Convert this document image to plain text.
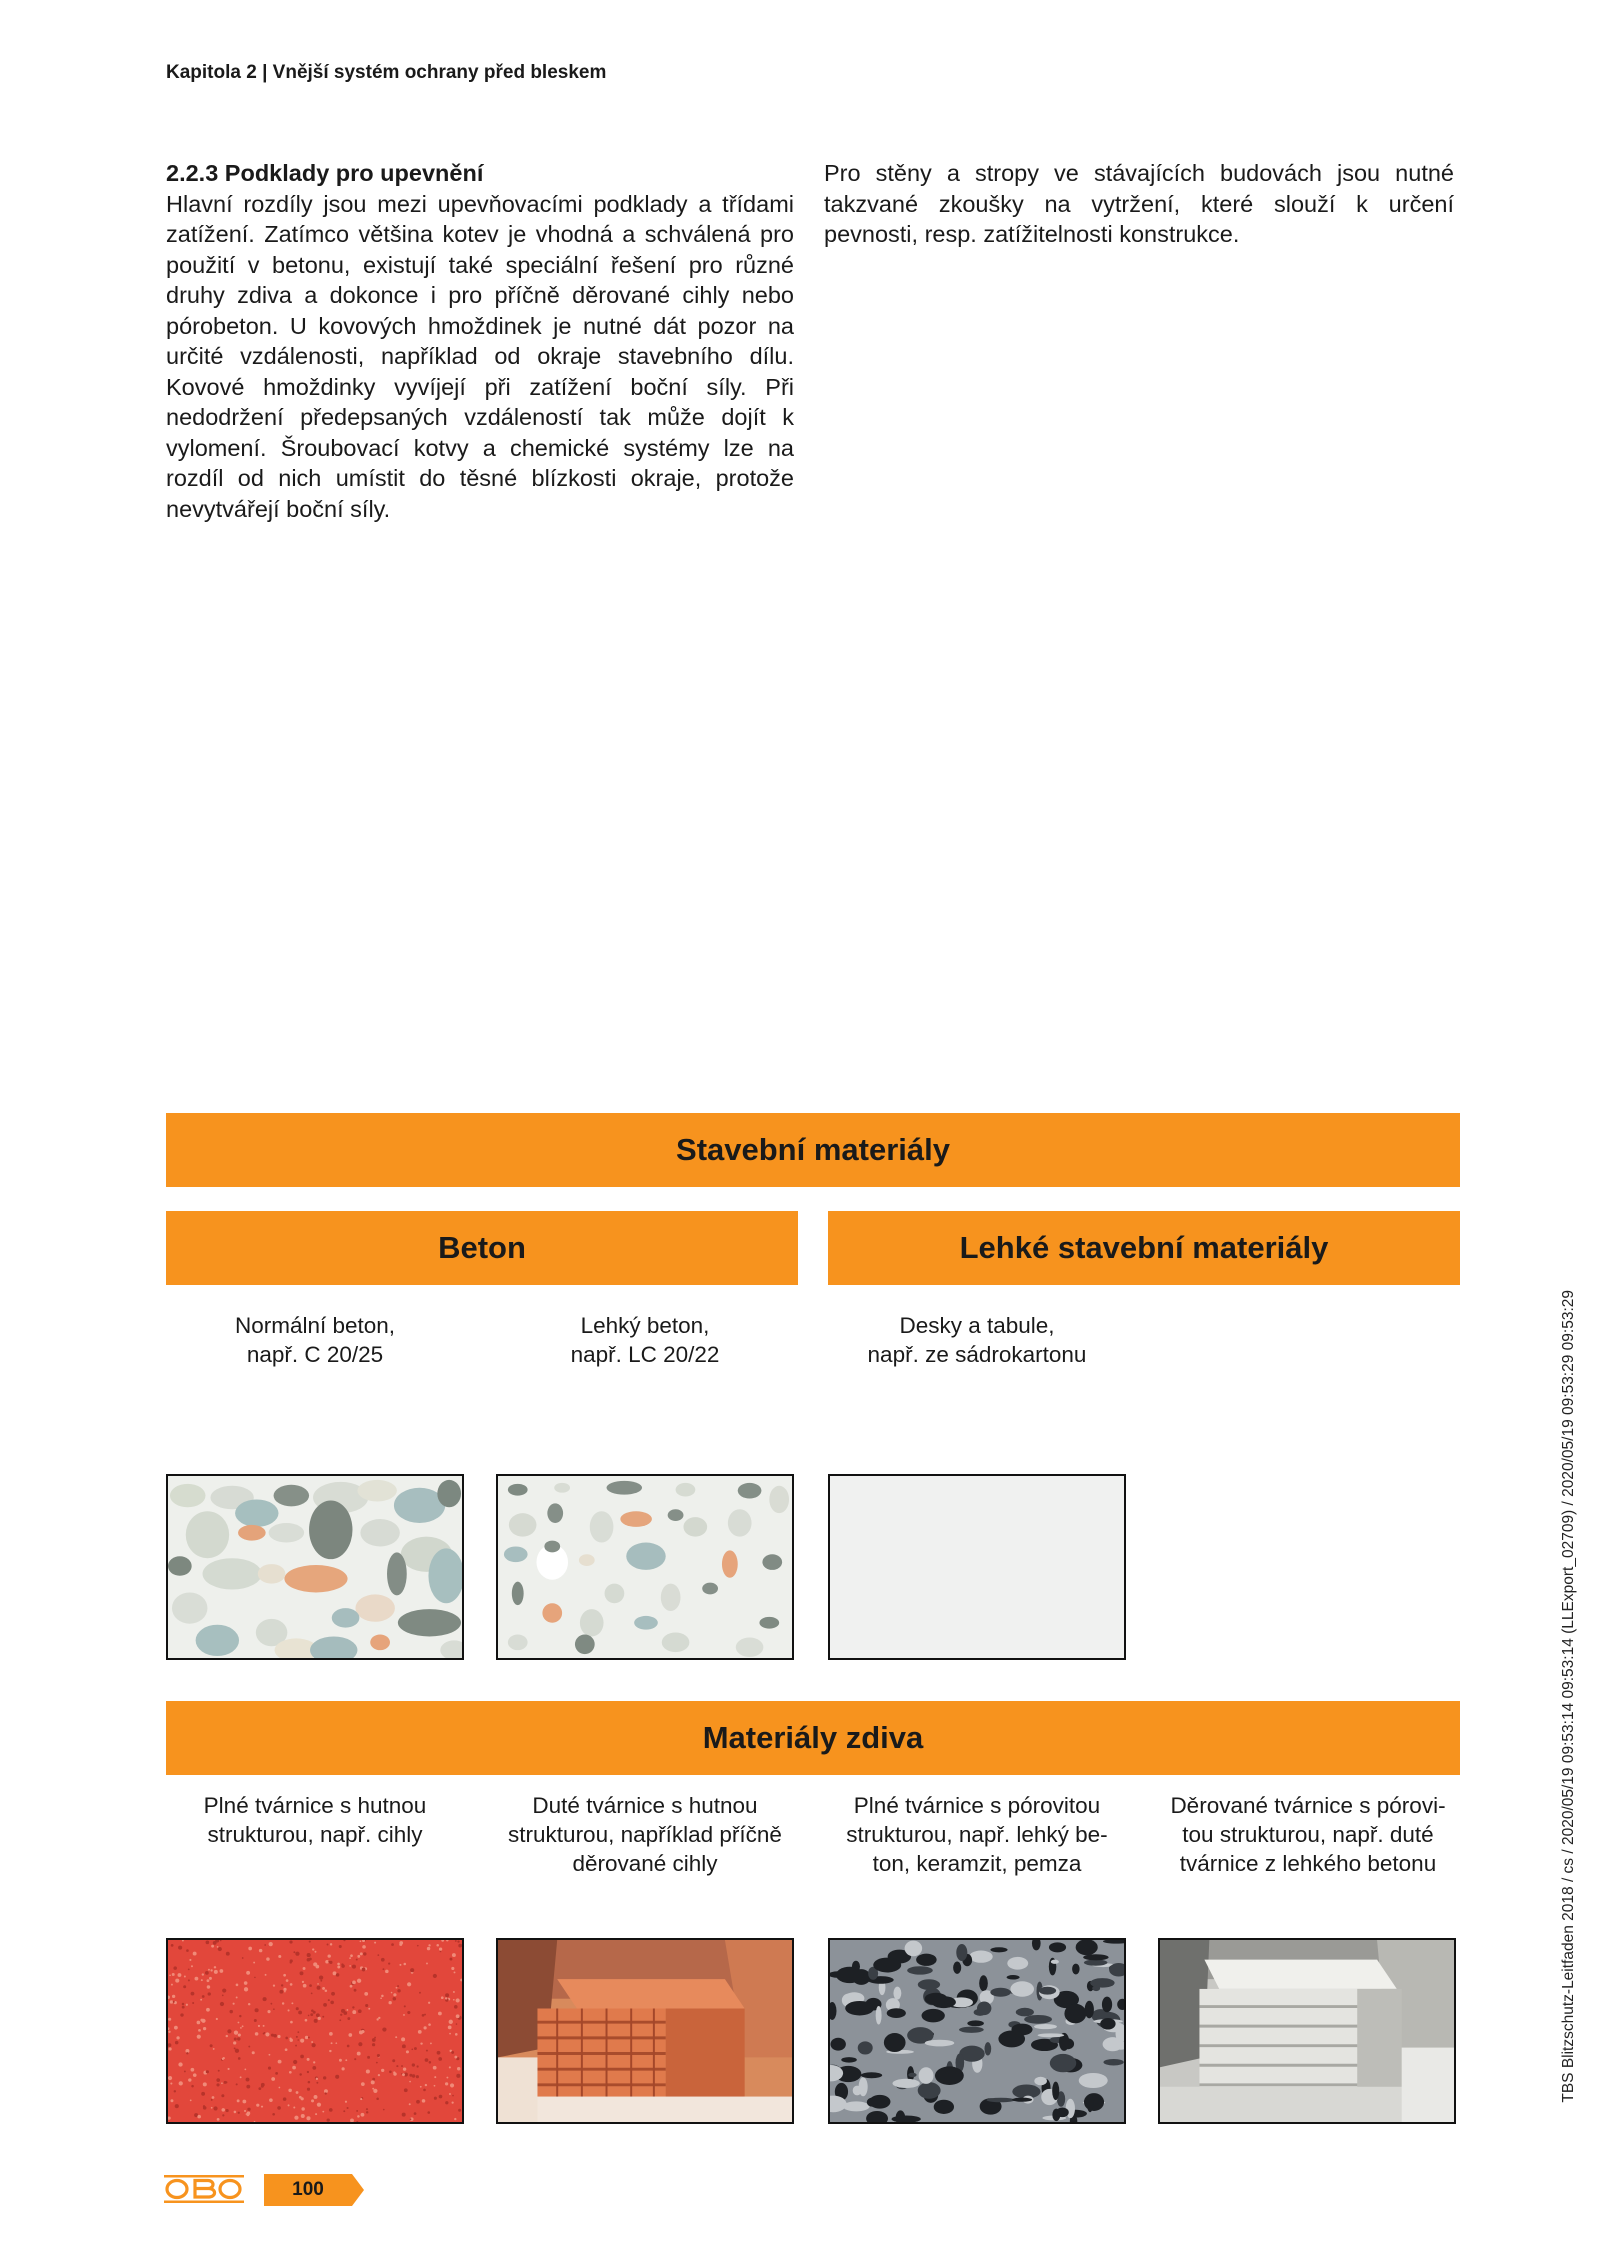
Kapitola 2 | Vnější systém ochrany před bleskem
2.2.3 Podklady pro upevnění
Hlavní rozdíly jsou mezi upevňovacími podklady a třídami zatížení. Zatímco většina kotev je vhodná a schválená pro použití v betonu, existují také speciální řešení pro různé druhy zdiva a dokonce i pro příčně děrované cihly nebo pórobeton. U kovových hmoždinek je nutné dát pozor na určité vzdálenosti, například od okraje stavebního dílu. Kovové hmoždinky vyvíjejí při zatížení boční síly. Při nedodržení předepsaných vzdáleností tak může dojít k vylomení. Šroubovací kotvy a chemické systémy lze na rozdíl od nich umístit do těsné blízkosti okraje, protože nevytvářejí boční síly.
Pro stěny a stropy ve stávajících budovách jsou nutné takzvané zkoušky na vytržení, které slouží k určení pevnosti, resp. zatížitelnosti konstrukce.
Stavební materiály
Beton	Lehké stavební materiály
Normální beton,
např. C 20/25
Lehký beton,
např. LC 20/22
Desky a tabule,
např. ze sádrokartonu
Materiály zdiva
Plné tvárnice s hutnou
strukturou, např. cihly
Duté tvárnice s hutnou
strukturou, například příčně
děrované cihly
Plné tvárnice s pórovitou
strukturou, např. lehký be-
ton, keramzit, pemza
Děrované tvárnice s pórovi-
tou strukturou, např. duté
tvárnice z lehkého betonu	TBS Blitzschutz-Leitfaden 2018 / cs / 2020/05/19 09:53:14 09:53:14 (LLExport_02709) / 2020/05/19 09:53:29 09:53:29
100
